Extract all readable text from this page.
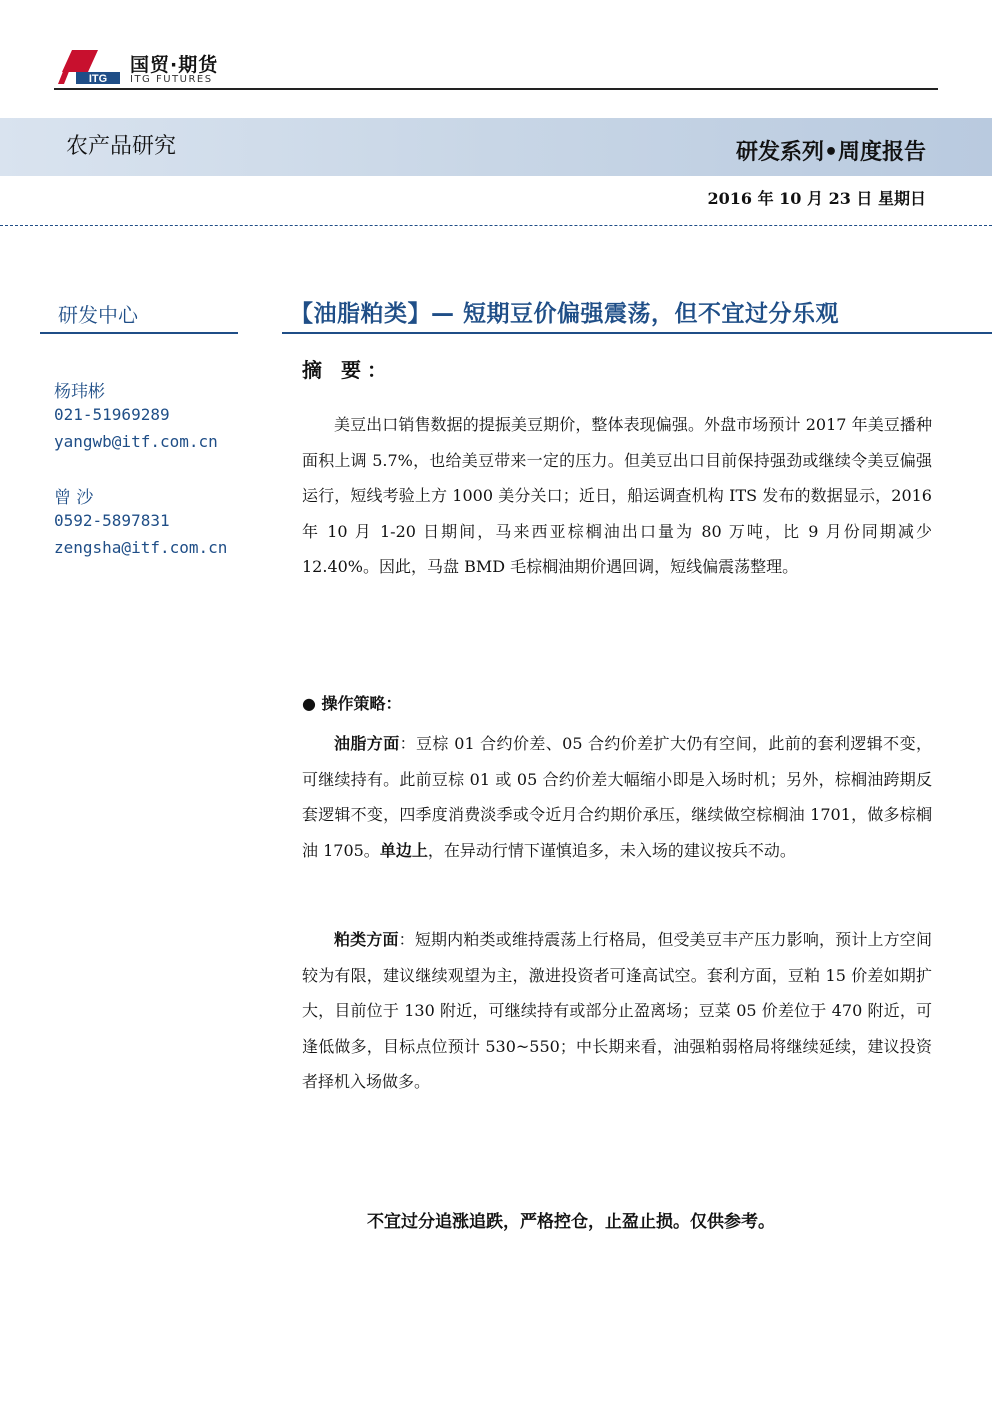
ITG
国贸·期货
ITG FUTURES
农产品研究	研发系列•周度报告
2016 年 10 月 23 日 星期日
研发中心
杨玮彬
021-51969289
yangwb@itf.com.cn
曾 沙
0592-5897831
zengsha@itf.com.cn
【油脂粕类】— 短期豆价偏强震荡，但不宜过分乐观
摘 要：

美豆出口销售数据的提振美豆期价，整体表现偏强。外盘市场预计 2017 年美豆播种面积上调 5.7%，也给美豆带来一定的压力。但美豆出口目前保持强劲或继续令美豆偏强运行，短线考验上方 1000 美分关口；近日，船运调查机构 ITS 发布的数据显示，2016 年 10 月 1-20 日期间，马来西亚棕榈油出口量为 80 万吨，比 9 月份同期减少 12.40%。因此，马盘 BMD 毛棕榈油期价遇回调，短线偏震荡整理。

● 操作策略：

油脂方面：豆棕 01 合约价差、05 合约价差扩大仍有空间，此前的套利逻辑不变，可继续持有。此前豆棕 01 或 05 合约价差大幅缩小即是入场时机；另外，棕榈油跨期反套逻辑不变，四季度消费淡季或令近月合约期价承压，继续做空棕榈油 1701，做多棕榈油 1705。单边上，在异动行情下谨慎追多，未入场的建议按兵不动。

粕类方面：短期内粕类或维持震荡上行格局，但受美豆丰产压力影响，预计上方空间较为有限，建议继续观望为主，激进投资者可逢高试空。套利方面，豆粕 15 价差如期扩大，目前位于 130 附近，可继续持有或部分止盈离场；豆菜 05 价差位于 470 附近，可逢低做多，目标点位预计 530~550；中长期来看，油强粕弱格局将继续延续，建议投资者择机入场做多。

不宜过分追涨追跌，严格控仓，止盈止损。仅供参考。
